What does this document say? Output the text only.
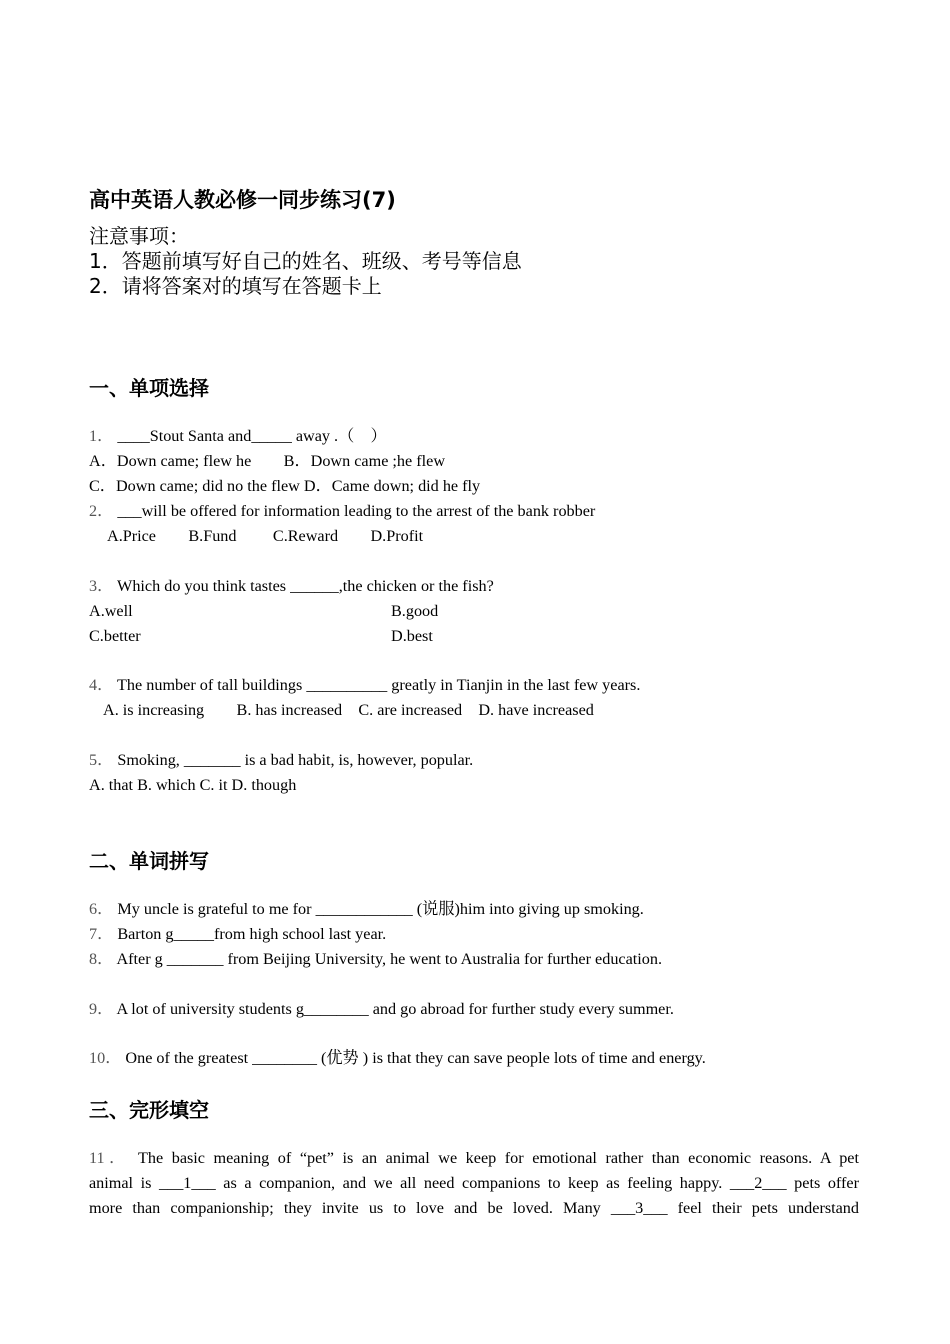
高中英语人教必修一同步练习(7)
注意事项：
1．答题前填写好自己的姓名、班级、考号等信息
2．请将答案对的填写在答题卡上
一、单项选择
1． ____Stout Santa and_____ away .（　）
A．Down came; flew he　　B．Down came ;he flew
C．Down came; did no the flew D．Came down; did he fly
2． ___will be offered for information leading to the arrest of the bank robber
A.Price　　B.Fund　　 C.Reward　　D.Profit
3． Which do you think tastes ______,the chicken or the fish?
A.well	B.good
C.better	D.best
4． The number of tall buildings __________ greatly in Tianjin in the last few years.
A. is increasing　　B. has increased　C. are increased　D. have increased
5． Smoking, _______ is a bad habit, is, however, popular.
A. that B. which C. it D. though
二、单词拼写
6． My uncle is grateful to me for ____________ (说服)him into giving up smoking.
7． Barton g_____from high school last year.
8． After g _______ from Beijing University, he went to Australia for further education.
9． A lot of university students g________ and go abroad for further study every summer.
10． One of the greatest ________ (优势 ) is that they can save people lots of time and energy.
三、完形填空
11． The basic meaning of “pet” is an animal we keep for emotional rather than economic reasons. A pet
animal is ___1___ as a companion, and we all need companions to keep as feeling happy. ___2___ pets offer
more than companionship; they invite us to love and be loved. Many ___3___ feel their pets understand
